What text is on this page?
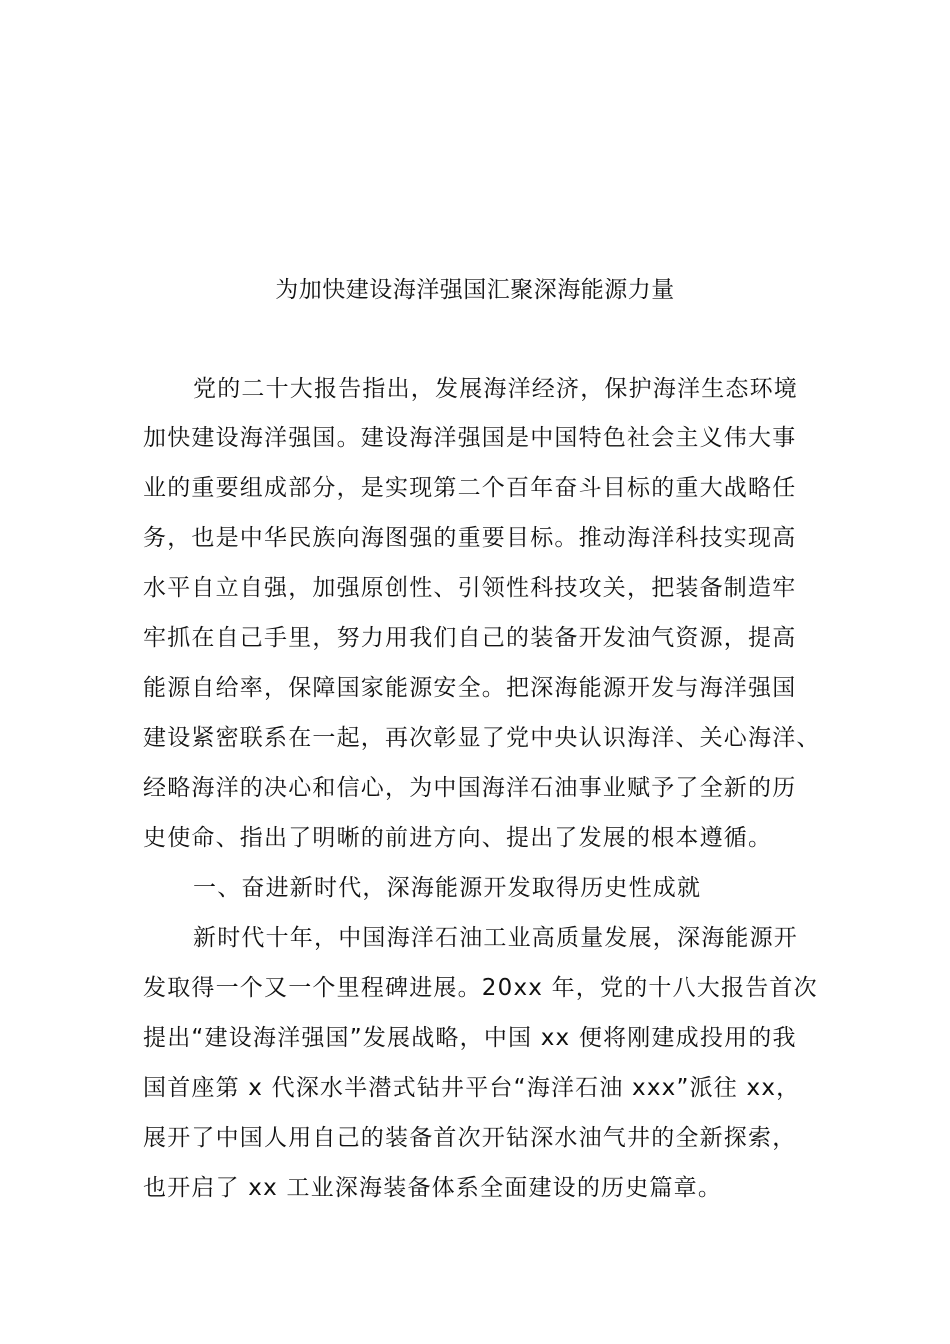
为加快建设海洋强国汇聚深海能源力量
党的二十大报告指出，发展海洋经济，保护海洋生态环境
加快建设海洋强国。建设海洋强国是中国特色社会主义伟大事
业的重要组成部分，是实现第二个百年奋斗目标的重大战略任
务，也是中华民族向海图强的重要目标。推动海洋科技实现高
水平自立自强，加强原创性、引领性科技攻关，把装备制造牢
牢抓在自己手里，努力用我们自己的装备开发油气资源，提高
能源自给率，保障国家能源安全。把深海能源开发与海洋强国
建设紧密联系在一起，再次彰显了党中央认识海洋、关心海洋、
经略海洋的决心和信心，为中国海洋石油事业赋予了全新的历
史使命、指出了明晰的前进方向、提出了发展的根本遵循。
一、奋进新时代，深海能源开发取得历史性成就
新时代十年，中国海洋石油工业高质量发展，深海能源开
发取得一个又一个里程碑进展。20xx 年，党的十八大报告首次
提出“建设海洋强国”发展战略，中国 xx 便将刚建成投用的我
国首座第 x 代深水半潜式钻井平台“海洋石油 xxx”派往 xx，
展开了中国人用自己的装备首次开钻深水油气井的全新探索，
也开启了 xx 工业深海装备体系全面建设的历史篇章。
